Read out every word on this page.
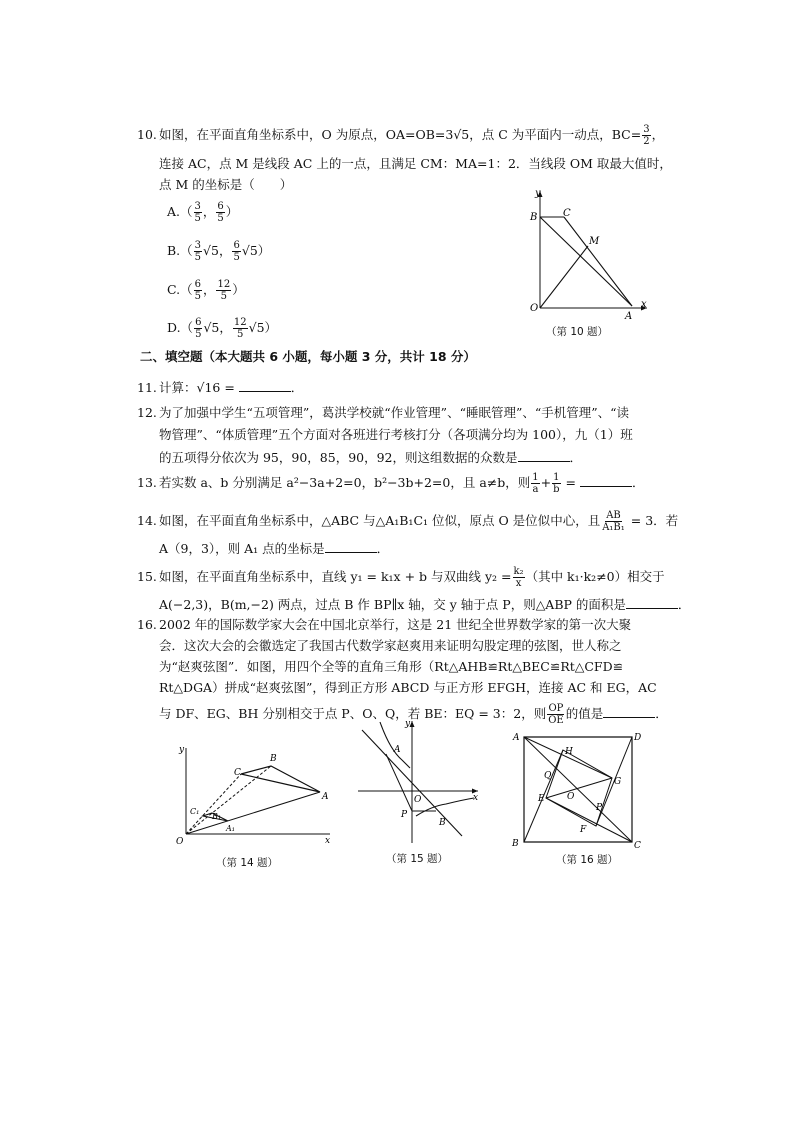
10. 如图，在平面直角坐标系中，O 为原点，OA=OB=3√5，点 C 为平面内一动点，$BC= \frac{3}{2}$ ，
连接 AC，点 M 是线段 AC 上的一点，且满足 CM：MA=1：2．当线段 OM 取最大值时，
点 M 的坐标是（　　）
$A.( \frac{3}{5}$ ， $\frac{6}{5}$ ）
$B.( \frac{3}{5} √5$， $\frac{6}{5} √5$）
$C.( \frac{6}{5}$ ， $\frac{12}{5}$ ）
$D.( \frac{6}{5} √5$， $\frac{12}{5} √5$）
y
x
B	C
M
O
A
（第 10 题）
二、填空题（本大题共 6 小题，每小题 3 分，共计 18 分）
11. 计算：√16 =	．
12. 为了加强中学生“五项管理”，葛洪学校就“作业管理”、“睡眠管理”、“手机管理”、“读
物管理”、“体质管理”五个方面对各班进行考核打分（各项满分均为 100），九（1）班
的五项得分依次为 95，90，85，90，92，则这组数据的众数是	．
13. 若实数 a、b 分别满足 a²−3a+2=0，b²−3b+2=0，且 a≠b，则 $\frac{1}{a} + \frac{1}{b}$ =	．
14. 如图，在平面直角坐标系中，△ABC 与△A₁B₁C₁ 位似，原点 O 是位似中心，且 $\frac{AB}{\text{A₁B₁}} = 3$．若
A（9，3），则 A₁ 点的坐标是	．
15. 如图，在平面直角坐标系中，直线 y₁ = k₁x + b 与双曲线 $y_2 = \frac{\text{k₂}}{x}$ （其中 k₁·k₂≠0）相交于
A(−2,3)，B(m,−2) 两点，过点 B 作 BP∥x 轴，交 y 轴于点 P，则△ABP 的面积是	．
16. 2002 年的国际数学家大会在中国北京举行，这是 21 世纪全世界数学家的第一次大聚
会．这次大会的会徽选定了我国古代数学家赵爽用来证明勾股定理的弦图，世人称之
为“赵爽弦图”．如图，用四个全等的直角三角形（Rt△AHB≌Rt△BEC≌Rt△CFD≌
Rt△DGA）拼成“赵爽弦图”，得到正方形 ABCD 与正方形 EFGH，连接 AC 和 EG，AC
与 DF、EG、BH 分别相交于点 P、O、Q，若 BE：EQ = 3：2，则 $\frac{OP}{OE}$ 的值是	．
y
x
O
A
B
C
A₁
B₁
C₁
（第 14 题）
y
x
A
O
P
B
（第 15 题）
A	D
B	C
H
G
Q
O
E
P
F
（第 16 题）
